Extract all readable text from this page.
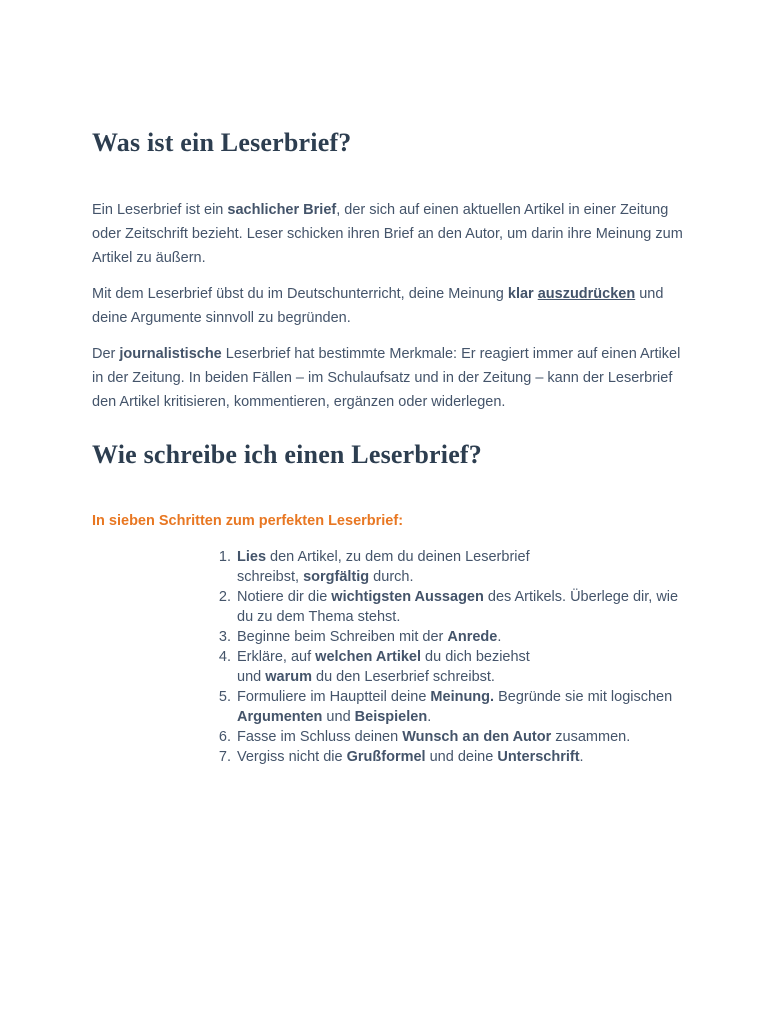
Was ist ein Leserbrief?

Ein Leserbrief ist ein sachlicher Brief, der sich auf einen aktuellen Artikel in einer Zeitung oder Zeitschrift bezieht. Leser schicken ihren Brief an den Autor, um darin ihre Meinung zum Artikel zu äußern.

Mit dem Leserbrief übst du im Deutschunterricht, deine Meinung klar auszudrücken und deine Argumente sinnvoll zu begründen.

Der journalistische Leserbrief hat bestimmte Merkmale: Er reagiert immer auf einen Artikel in der Zeitung. In beiden Fällen – im Schulaufsatz und in der Zeitung – kann der Leserbrief den Artikel kritisieren, kommentieren, ergänzen oder widerlegen.

Wie schreibe ich einen Leserbrief?

In sieben Schritten zum perfekten Leserbrief:

1. Lies den Artikel, zu dem du deinen Leserbrief
schreibst, sorgfältig durch.
2. Notiere dir die wichtigsten Aussagen des Artikels. Überlege dir, wie du zu dem Thema stehst.
3. Beginne beim Schreiben mit der Anrede.
4. Erkläre, auf welchen Artikel du dich beziehst
und warum du den Leserbrief schreibst.
5. Formuliere im Hauptteil deine Meinung. Begründe sie mit logischen Argumenten und Beispielen.
6. Fasse im Schluss deinen Wunsch an den Autor zusammen.
7. Vergiss nicht die Grußformel und deine Unterschrift.
